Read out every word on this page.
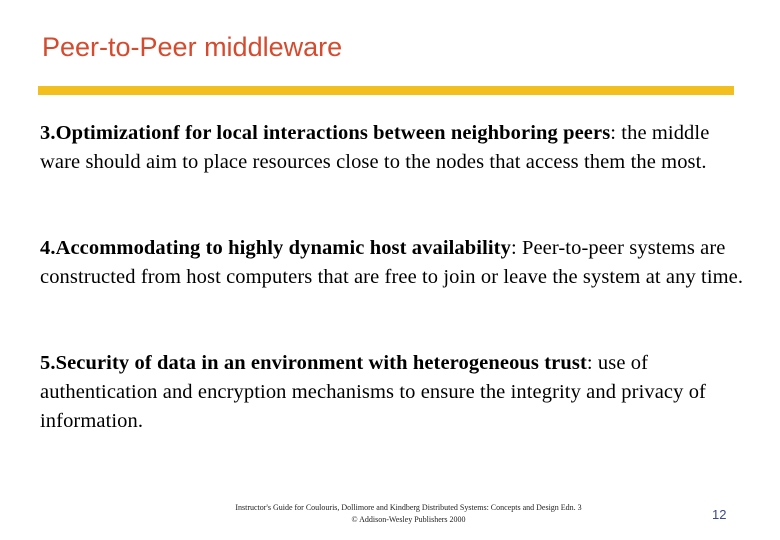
Peer-to-Peer middleware
3.Optimizationf for local interactions between neighboring peers: the middle ware should aim to place resources close to the nodes that access them the most.
4.Accommodating to highly dynamic host availability: Peer-to-peer systems are constructed from host computers that are free to join or leave the system at any time.
5.Security of data in an environment with heterogeneous trust: use of authentication and encryption mechanisms to ensure the integrity and privacy of information.
Instructor's Guide for Coulouris, Dollimore and Kindberg Distributed Systems: Concepts and Design Edn. 3
© Addison-Wesley Publishers 2000	12
